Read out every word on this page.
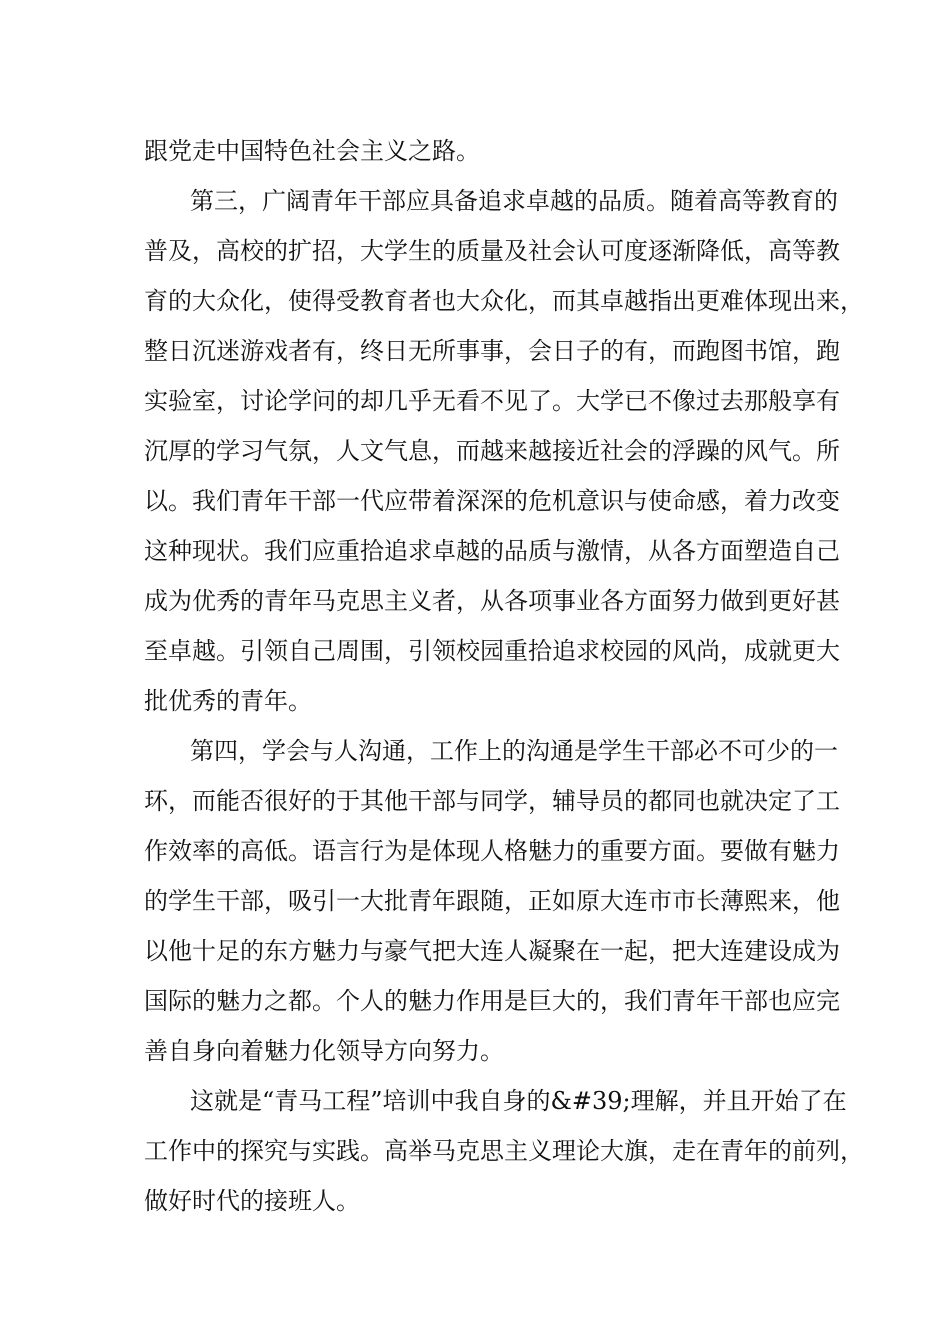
跟党走中国特色社会主义之路。
第三，广阔青年干部应具备追求卓越的品质。随着高等教育的
普及，高校的扩招，大学生的质量及社会认可度逐渐降低，高等教
育的大众化，使得受教育者也大众化，而其卓越指出更难体现出来，
整日沉迷游戏者有，终日无所事事，会日子的有，而跑图书馆，跑
实验室，讨论学问的却几乎无看不见了。大学已不像过去那般享有
沉厚的学习气氛，人文气息，而越来越接近社会的浮躁的风气。所
以。我们青年干部一代应带着深深的危机意识与使命感，着力改变
这种现状。我们应重拾追求卓越的品质与激情，从各方面塑造自己
成为优秀的青年马克思主义者，从各项事业各方面努力做到更好甚
至卓越。引领自己周围，引领校园重拾追求校园的风尚，成就更大
批优秀的青年。
第四，学会与人沟通，工作上的沟通是学生干部必不可少的一
环，而能否很好的于其他干部与同学，辅导员的都同也就决定了工
作效率的高低。语言行为是体现人格魅力的重要方面。要做有魅力
的学生干部，吸引一大批青年跟随，正如原大连市市长薄熙来，他
以他十足的东方魅力与豪气把大连人凝聚在一起，把大连建设成为
国际的魅力之都。个人的魅力作用是巨大的，我们青年干部也应完
善自身向着魅力化领导方向努力。
这就是“青马工程”培训中我自身的&#39;理解，并且开始了在
工作中的探究与实践。高举马克思主义理论大旗，走在青年的前列，
做好时代的接班人。
